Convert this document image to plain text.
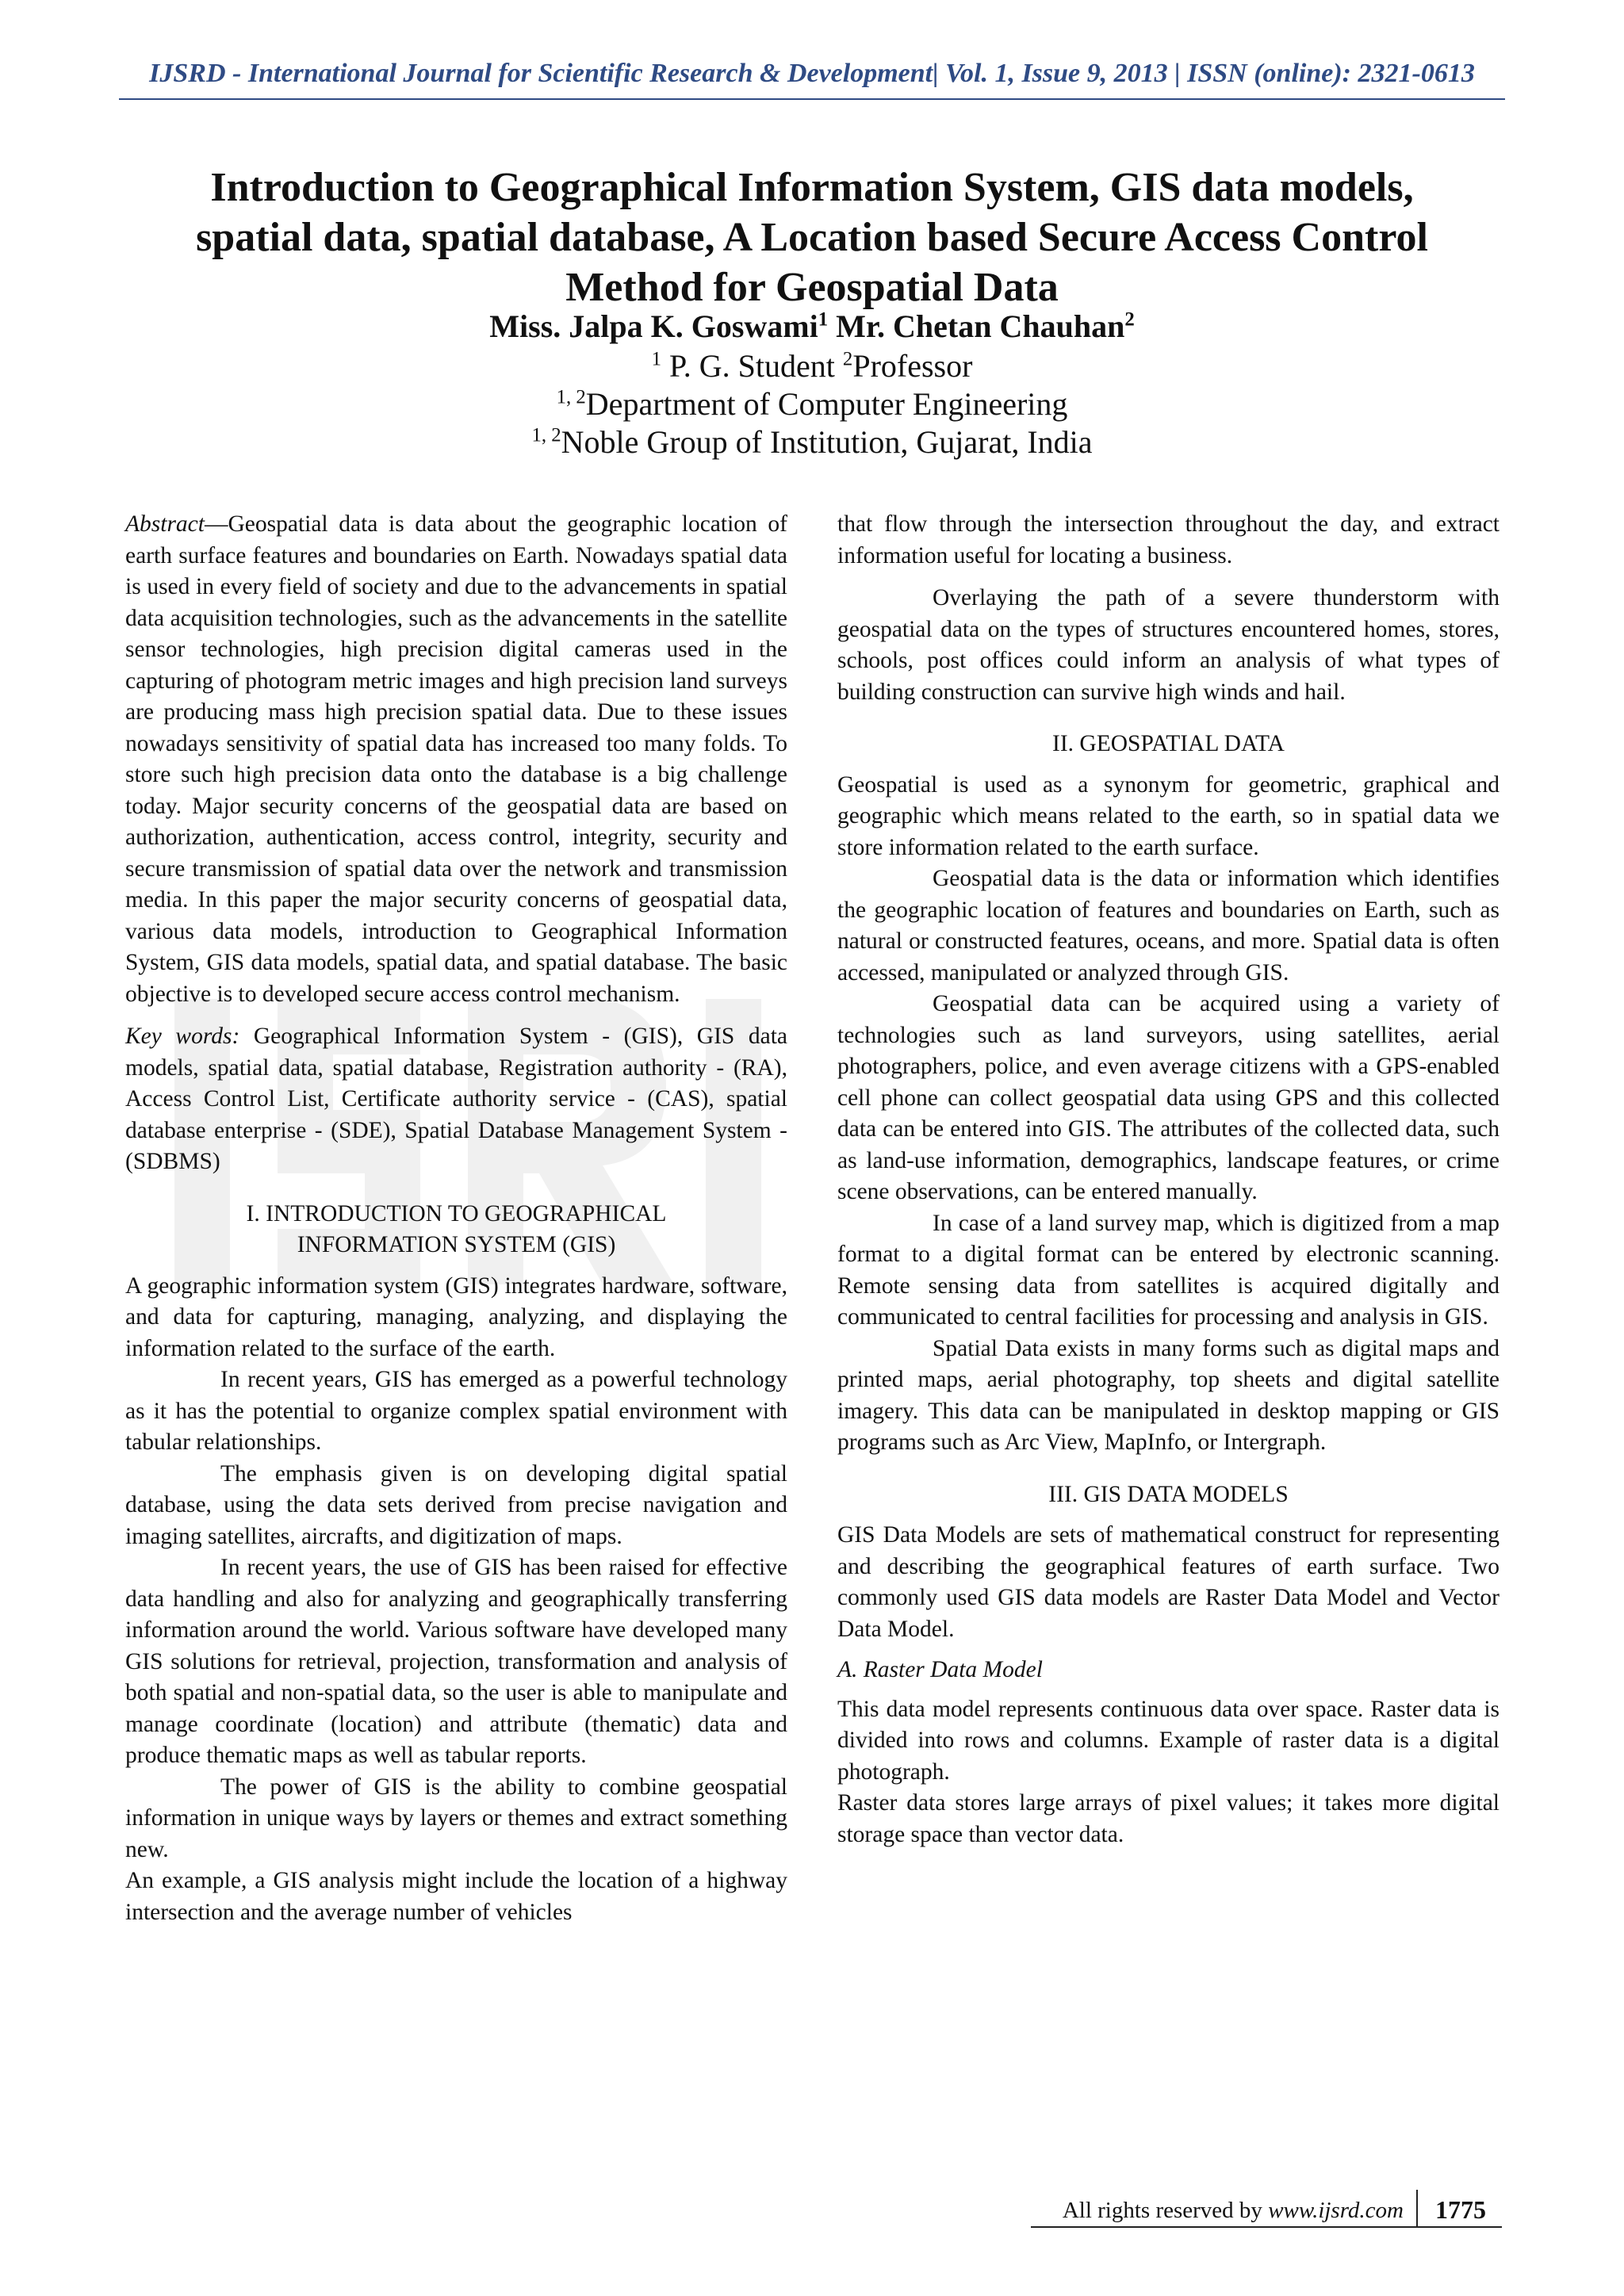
IJSRD - International Journal for Scientific Research & Development| Vol. 1, Issue 9, 2013 | ISSN (online): 2321-0613
Introduction to Geographical Information System, GIS data models,
spatial data, spatial database, A Location based Secure Access Control
Method for Geospatial Data
Miss. Jalpa K. Goswami$^1$ Mr. Chetan Chauhan$^2$
$^1$ P. G. Student $^2$Professor
$^{1, 2}$Department of Computer Engineering
$^{1, 2}$Noble Group of Institution, Gujarat, India

Abstract—Geospatial data is data about the geographic location of earth surface features and boundaries on Earth. Nowadays spatial data is used in every field of society and due to the advancements in spatial data acquisition technologies, such as the advancements in the satellite sensor technologies, high precision digital cameras used in the capturing of photogram metric images and high precision land surveys are producing mass high precision spatial data. Due to these issues nowadays sensitivity of spatial data has increased too many folds. To store such high precision data onto the database is a big challenge today. Major security concerns of the geospatial data are based on authorization, authentication, access control, integrity, security and secure transmission of spatial data over the network and transmission media. In this paper the major security concerns of geospatial data, various data models, introduction to Geographical Information System, GIS data models, spatial data, and spatial database. The basic objective is to developed secure access control mechanism.

Key words: Geographical Information System - (GIS), GIS data models, spatial data, spatial database, Registration authority - (RA), Access Control List, Certificate authority service - (CAS), spatial database enterprise - (SDE), Spatial Database Management System - (SDBMS)

I. INTRODUCTION TO GEOGRAPHICAL
INFORMATION SYSTEM (GIS)

A geographic information system (GIS) integrates hardware, software, and data for capturing, managing, analyzing, and displaying the information related to the surface of the earth.

In recent years, GIS has emerged as a powerful technology as it has the potential to organize complex spatial environment with tabular relationships.

The emphasis given is on developing digital spatial database, using the data sets derived from precise navigation and imaging satellites, aircrafts, and digitization of maps.

In recent years, the use of GIS has been raised for effective data handling and also for analyzing and geographically transferring information around the world. Various software have developed many GIS solutions for retrieval, projection, transformation and analysis of both spatial and non-spatial data, so the user is able to manipulate and manage coordinate (location) and attribute (thematic) data and produce thematic maps as well as tabular reports.

The power of GIS is the ability to combine geospatial information in unique ways by layers or themes and extract something new.

An example, a GIS analysis might include the location of a highway intersection and the average number of vehicles

that flow through the intersection throughout the day, and extract information useful for locating a business.

Overlaying the path of a severe thunderstorm with geospatial data on the types of structures encountered homes, stores, schools, post offices could inform an analysis of what types of building construction can survive high winds and hail.

II. GEOSPATIAL DATA

Geospatial is used as a synonym for geometric, graphical and geographic which means related to the earth, so in spatial data we store information related to the earth surface.

Geospatial data is the data or information which identifies the geographic location of features and boundaries on Earth, such as natural or constructed features, oceans, and more. Spatial data is often accessed, manipulated or analyzed through GIS.

Geospatial data can be acquired using a variety of technologies such as land surveyors, using satellites, aerial photographers, police, and even average citizens with a GPS-enabled cell phone can collect geospatial data using GPS and this collected data can be entered into GIS. The attributes of the collected data, such as land-use information, demographics, landscape features, or crime scene observations, can be entered manually.

In case of a land survey map, which is digitized from a map format to a digital format can be entered by electronic scanning. Remote sensing data from satellites is acquired digitally and communicated to central facilities for processing and analysis in GIS.

Spatial Data exists in many forms such as digital maps and printed maps, aerial photography, top sheets and digital satellite imagery. This data can be manipulated in desktop mapping or GIS programs such as Arc View, MapInfo, or Intergraph.

III. GIS DATA MODELS

GIS Data Models are sets of mathematical construct for representing and describing the geographical features of earth surface. Two commonly used GIS data models are Raster Data Model and Vector Data Model.

A. Raster Data Model

This data model represents continuous data over space. Raster data is divided into rows and columns. Example of raster data is a digital photograph.

Raster data stores large arrays of pixel values; it takes more digital storage space than vector data.

All rights reserved by www.ijsrd.com	1775
